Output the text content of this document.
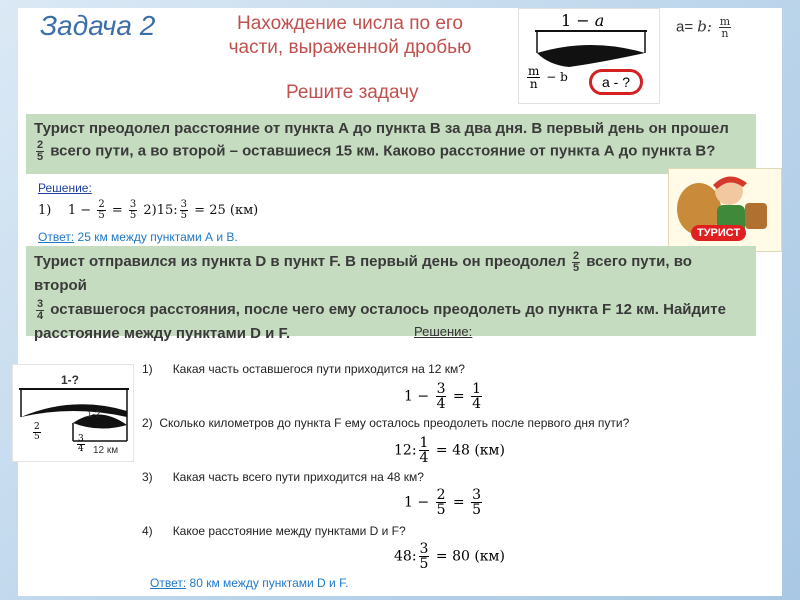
Задача 2	Нахождение числа по его
части, выраженной дробью
Решите задачу
1 − a
$\frac{m}{n} - b$	a - ?
a= b: $\frac{m}{n}$
Турист преодолел расстояние от пункта А до пункта В за два дня. В первый день он прошел
$\frac{2}{5}$ всего пути, а во второй – оставшиеся 15 км. Каково расстояние от пункта А до пункта В?
Решение:
1) $1 - \frac{2}{5} = \frac{3}{5} 2)15$: $\frac{3}{5} = 25$ (км)
Ответ: 25 км между пунктами А и В.	ТУРИСТ
Турист отправился из пункта D в пункт F. В первый день он преодолел $\frac{2}{5}$ всего пути, во второй
$\frac{3}{4}$ оставшегося расстояния, после чего ему осталось преодолеть до пункта F 12 км. Найдите
расстояние между пунктами D и F.	Решение:
1-?
1-?
$\frac{2}{5}$
$\frac{3}{4} 12$ км
1) Какая часть оставшегося пути приходится на 12 км?
$1 - \frac{3}{4} = \frac{1}{4}$
2) Сколько километров до пункта F ему осталось преодолеть после первого дня пути?
12: $\frac{1}{4} = 48$ (км)
3) Какая часть всего пути приходится на 48 км?
$1 - \frac{2}{5} = \frac{3}{5}$
4) Какое расстояние между пунктами D и F?
48: $\frac{3}{5} = 80$ (км)
Ответ: 80 км между пунктами D и F.
